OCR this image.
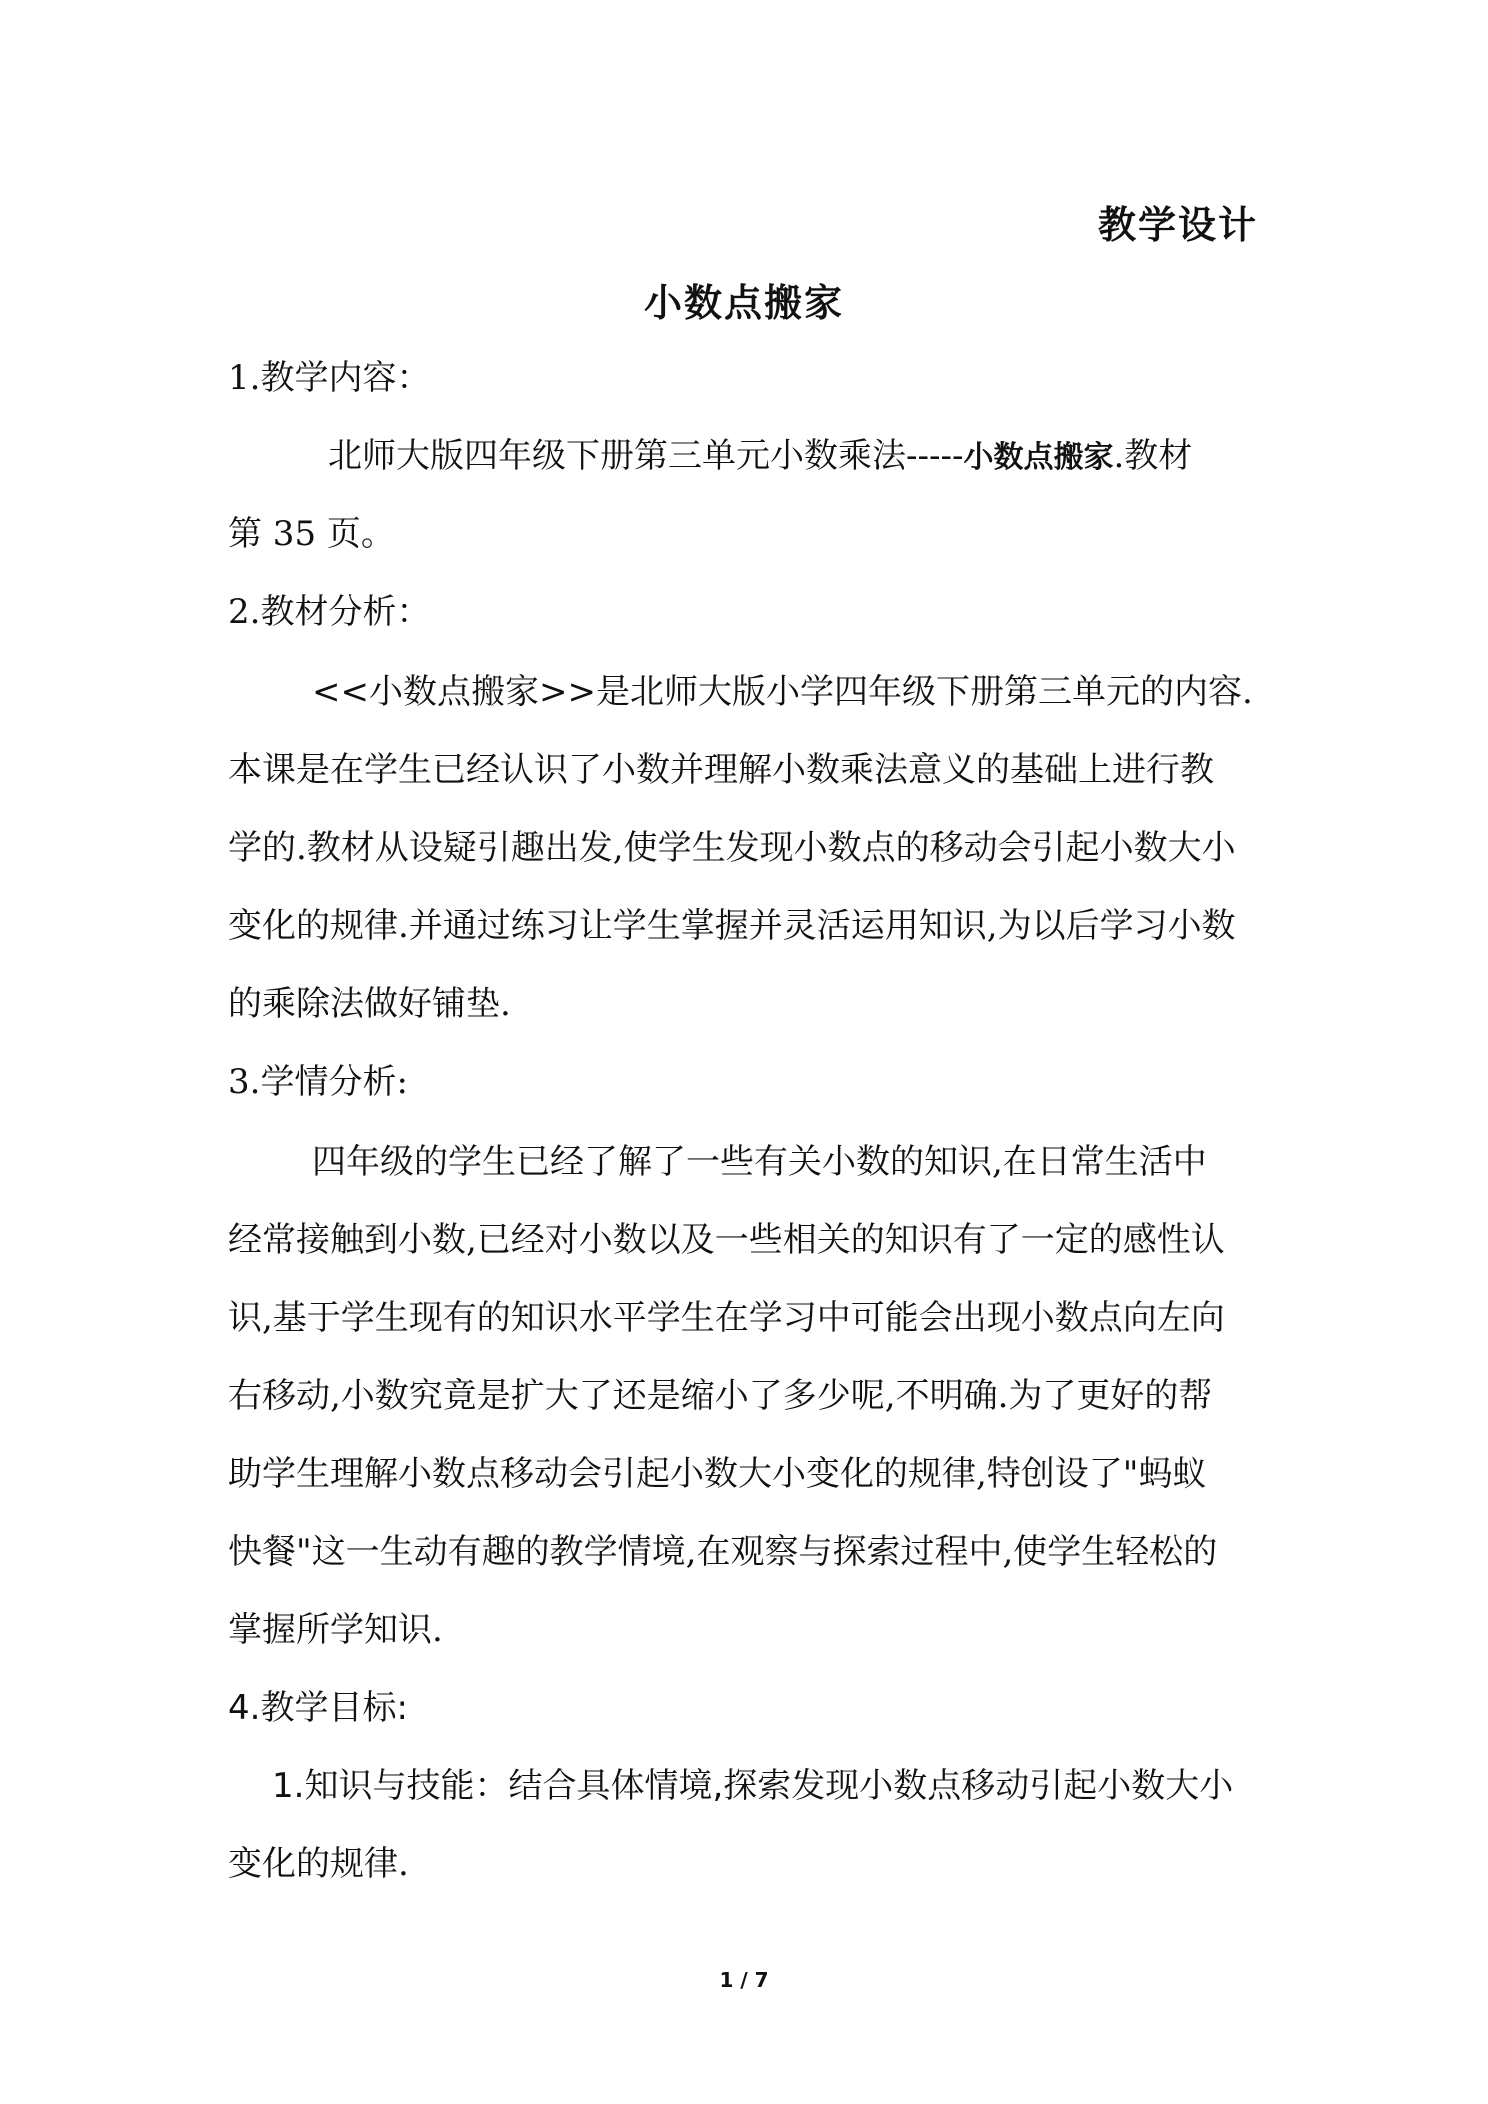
教学设计
小数点搬家

1.教学内容：

北师大版四年级下册第三单元小数乘法-----小数点搬家.教材

第 35 页。

2.教材分析：

<<小数点搬家>>是北师大版小学四年级下册第三单元的内容.

本课是在学生已经认识了小数并理解小数乘法意义的基础上进行教

学的.教材从设疑引趣出发,使学生发现小数点的移动会引起小数大小

变化的规律.并通过练习让学生掌握并灵活运用知识,为以后学习小数

的乘除法做好铺垫.

3.学情分析:

四年级的学生已经了解了一些有关小数的知识,在日常生活中

经常接触到小数,已经对小数以及一些相关的知识有了一定的感性认

识,基于学生现有的知识水平学生在学习中可能会出现小数点向左向

右移动,小数究竟是扩大了还是缩小了多少呢,不明确.为了更好的帮

助学生理解小数点移动会引起小数大小变化的规律,特创设了"蚂蚁

快餐"这一生动有趣的教学情境,在观察与探索过程中,使学生轻松的

掌握所学知识.

4.教学目标:

1.知识与技能：结合具体情境,探索发现小数点移动引起小数大小

变化的规律.

1 / 7
